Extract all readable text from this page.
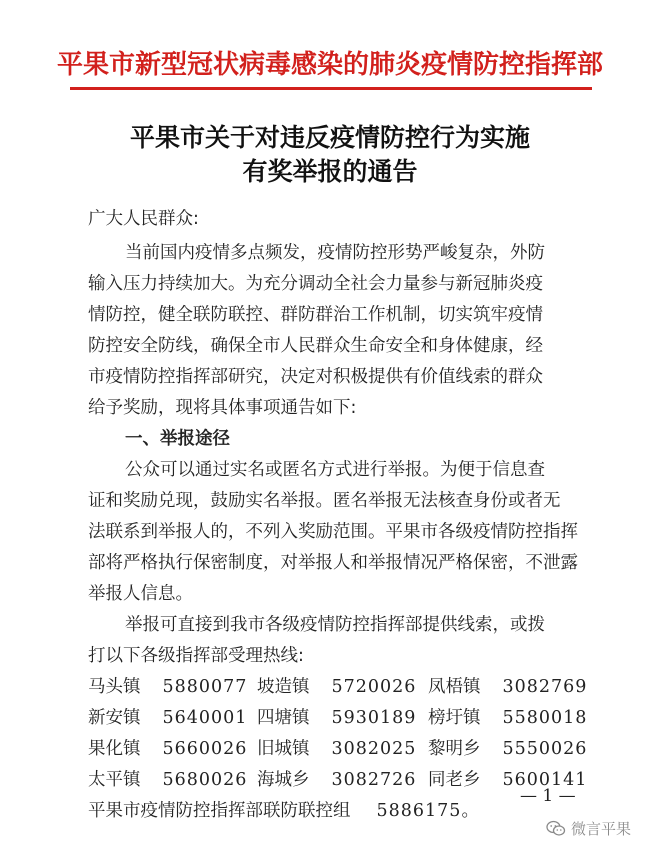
平果市新型冠状病毒感染的肺炎疫情防控指挥部
平果市关于对违反疫情防控行为实施
有奖举报的通告
广大人民群众:
当前国内疫情多点频发，疫情防控形势严峻复杂，外防
输入压力持续加大。为充分调动全社会力量参与新冠肺炎疫
情防控，健全联防联控、群防群治工作机制，切实筑牢疫情
防控安全防线，确保全市人民群众生命安全和身体健康，经
市疫情防控指挥部研究，决定对积极提供有价值线索的群众
给予奖励，现将具体事项通告如下:
一、举报途径
公众可以通过实名或匿名方式进行举报。为便于信息查
证和奖励兑现，鼓励实名举报。匿名举报无法核查身份或者无
法联系到举报人的，不列入奖励范围。平果市各级疫情防控指挥
部将严格执行保密制度，对举报人和举报情况严格保密，不泄露
举报人信息。
举报可直接到我市各级疫情防控指挥部提供线索，或拨
打以下各级指挥部受理热线:
马头镇 5880077 坡造镇 5720026 凤梧镇 3082769
新安镇 5640001 四塘镇 5930189 榜圩镇 5580018
果化镇 5660026 旧城镇 3082025 黎明乡 5550026
太平镇 5680026 海城乡 3082726 同老乡 5600141
平果市疫情防控指挥部联防联控组 5886175。
— 1 —
微言平果
